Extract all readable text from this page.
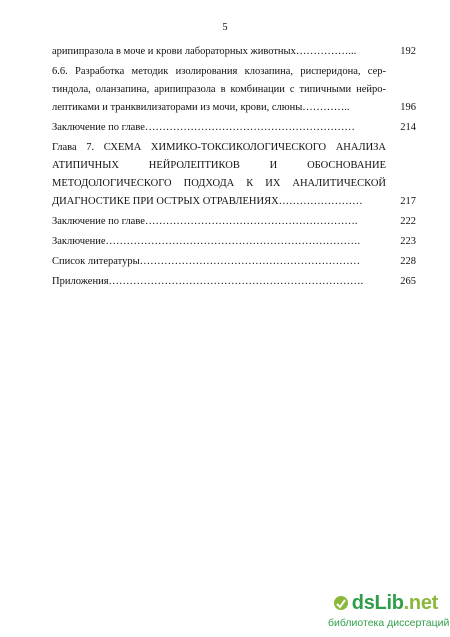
5
арипипразола в моче и крови лабораторных животных……………...	192
6.6. Разработка методик изолирования клозапина, рисперидона, сер-
тиндола, оланзапина, арипипразола в комбинации с типичными нейро-
лептиками и транквилизаторами из мочи, крови, слюны…………..	196
Заключение по главе……………………………………………………	214
Глава 7. СХЕМА ХИМИКО-ТОКСИКОЛОГИЧЕСКОГО АНАЛИЗА
АТИПИЧНЫХ НЕЙРОЛЕПТИКОВ И ОБОСНОВАНИЕ
МЕТОДОЛОГИЧЕСКОГО ПОДХОДА К ИХ АНАЛИТИЧЕСКОЙ
ДИАГНОСТИКЕ ПРИ ОСТРЫХ ОТРАВЛЕНИЯХ……………………	217
Заключение по главе…………………………………………………….	222
Заключение……………………………………………………………….	223
Список литературы………………………………………………………	228
Приложения……………………………………………………………….	265
ds Lib .net
библиотека диссертаций
